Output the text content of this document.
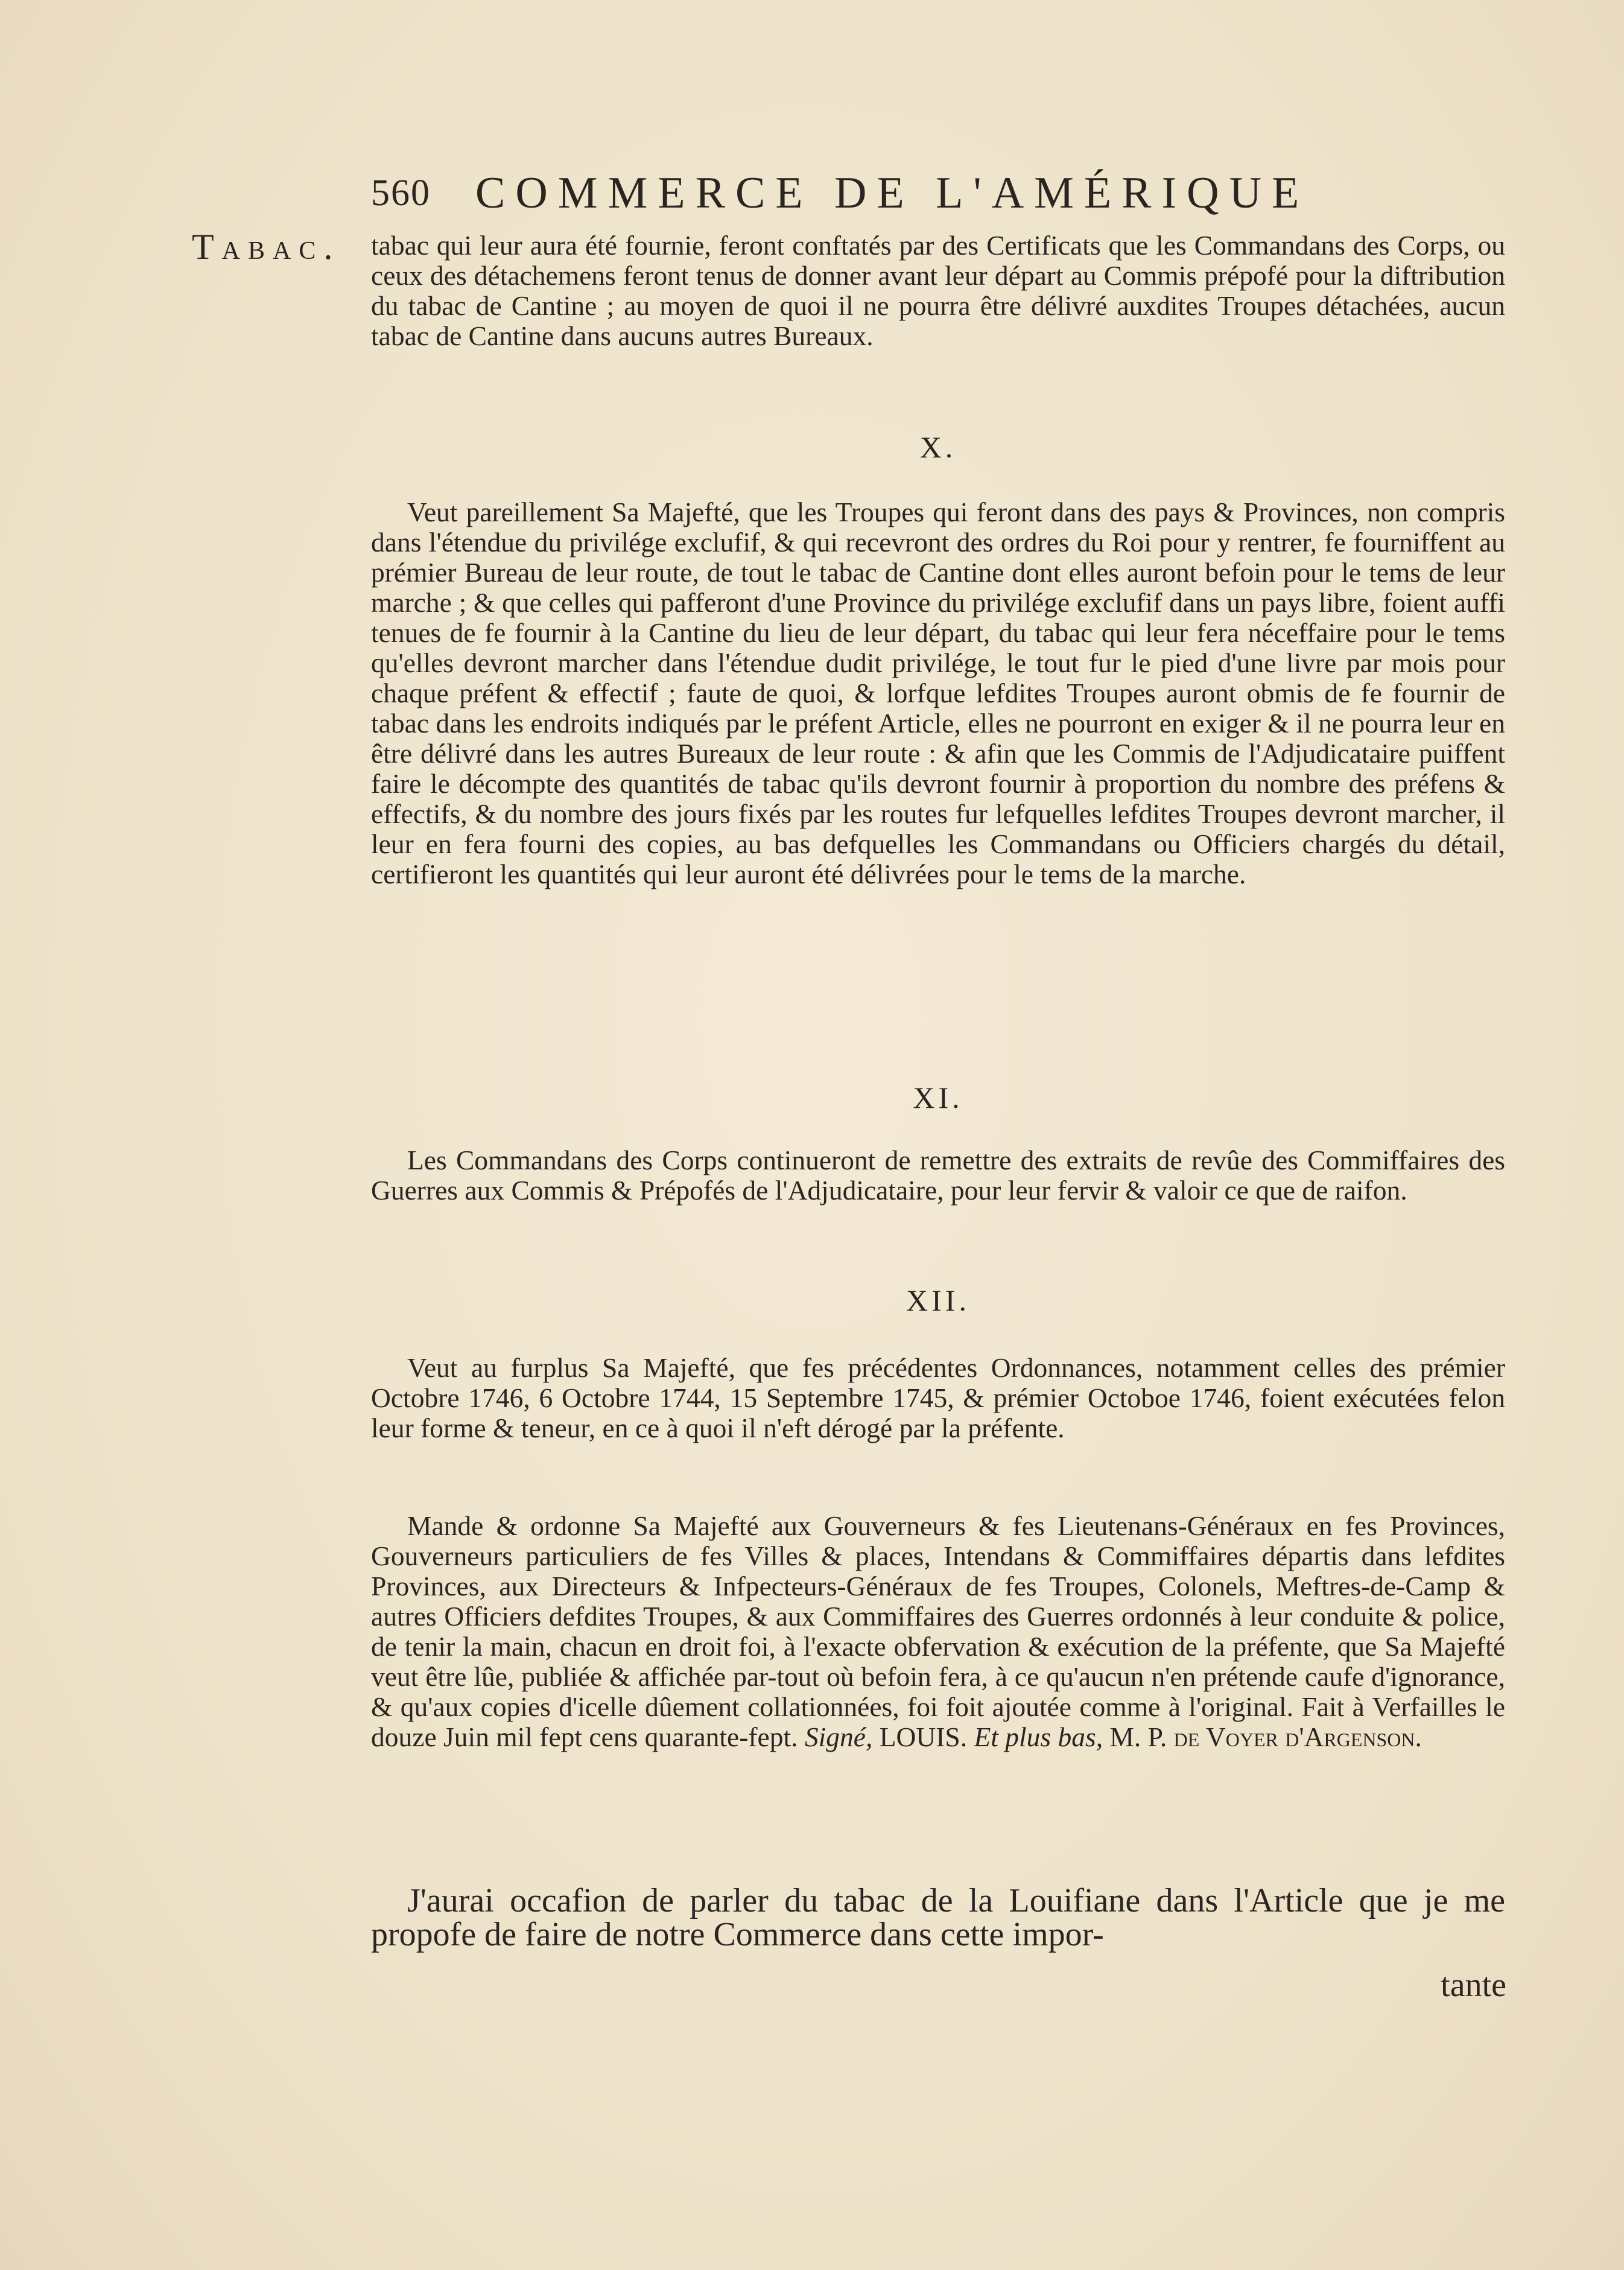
560 COMMERCE DE L'AMÉRIQUE
Tabac. tabac qui leur aura été fournie, feront conftatés par des Certificats que les Commandans des Corps, ou ceux des détachemens feront tenus de donner avant leur départ au Commis prépofé pour la diftribution du tabac de Cantine ; au moyen de quoi il ne pourra être délivré auxdites Troupes détachées, aucun tabac de Cantine dans aucuns autres Bureaux.

X.

Veut pareillement Sa Majefté, que les Troupes qui feront dans des pays & Provinces, non compris dans l'étendue du privilége exclufif, & qui recevront des ordres du Roi pour y rentrer, fe fourniffent au prémier Bureau de leur route, de tout le tabac de Cantine dont elles auront befoin pour le tems de leur marche ; & que celles qui pafferont d'une Province du privilége exclufif dans un pays libre, foient auffi tenues de fe fournir à la Cantine du lieu de leur départ, du tabac qui leur fera néceffaire pour le tems qu'elles devront marcher dans l'étendue dudit privilége, le tout fur le pied d'une livre par mois pour chaque préfent & effectif ; faute de quoi, & lorfque lefdites Troupes auront obmis de fe fournir de tabac dans les endroits indiqués par le préfent Article, elles ne pourront en exiger & il ne pourra leur en être délivré dans les autres Bureaux de leur route : & afin que les Commis de l'Adjudicataire puiffent faire le décompte des quantités de tabac qu'ils devront fournir à proportion du nombre des préfens & effectifs, & du nombre des jours fixés par les routes fur lefquelles lefdites Troupes devront marcher, il leur en fera fourni des copies, au bas defquelles les Commandans ou Officiers chargés du détail, certifieront les quantités qui leur auront été délivrées pour le tems de la marche.

XI.

Les Commandans des Corps continueront de remettre des extraits de revûe des Commiffaires des Guerres aux Commis & Prépofés de l'Adjudicataire, pour leur fervir & valoir ce que de raifon.

XII.

Veut au furplus Sa Majefté, que fes précédentes Ordonnances, notamment celles des prémier Octobre 1746, 6 Octobre 1744, 15 Septembre 1745, & prémier Octoboe 1746, foient exécutées felon leur forme & teneur, en ce à quoi il n'eft dérogé par la préfente.

Mande & ordonne Sa Majefté aux Gouverneurs & fes Lieutenans-Généraux en fes Provinces, Gouverneurs particuliers de fes Villes & places, Intendans & Commiffaires départis dans lefdites Provinces, aux Directeurs & Infpecteurs-Généraux de fes Troupes, Colonels, Meftres-de-Camp & autres Officiers defdites Troupes, & aux Commiffaires des Guerres ordonnés à leur conduite & police, de tenir la main, chacun en droit foi, à l'exacte obfervation & exécution de la préfente, que Sa Majefté veut être lûe, publiée & affichée par-tout où befoin fera, à ce qu'aucun n'en prétende caufe d'ignorance, & qu'aux copies d'icelle dûement collationnées, foi foit ajoutée comme à l'original. Fait à Verfailles le douze Juin mil fept cens quarante-fept. Signé, LOUIS. Et plus bas, M. P. de Voyer d'Argenson.

J'aurai occafion de parler du tabac de la Louifiane dans l'Article que je me propofe de faire de notre Commerce dans cette impor-
tante
